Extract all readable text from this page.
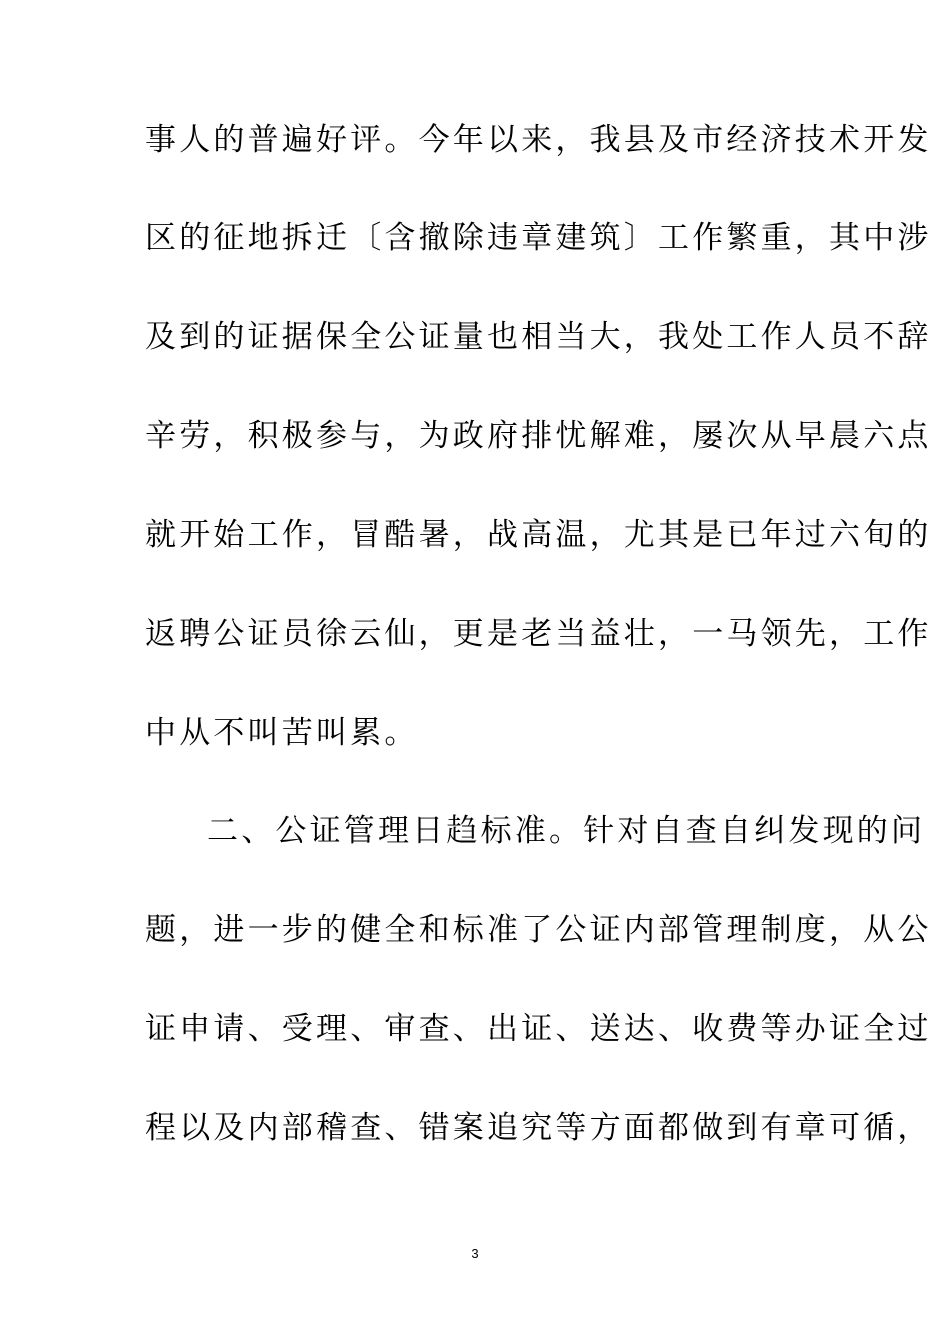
事人的普遍好评。今年以来，我县及市经济技术开发
区的征地拆迁〔含撤除违章建筑〕工作繁重，其中涉
及到的证据保全公证量也相当大，我处工作人员不辞
辛劳，积极参与，为政府排忧解难，屡次从早晨六点
就开始工作，冒酷暑，战高温，尤其是已年过六旬的
返聘公证员徐云仙，更是老当益壮，一马领先，工作
中从不叫苦叫累。
二、公证管理日趋标准。针对自查自纠发现的问
题，进一步的健全和标准了公证内部管理制度，从公
证申请、受理、审查、出证、送达、收费等办证全过
程以及内部稽查、错案追究等方面都做到有章可循，
3
